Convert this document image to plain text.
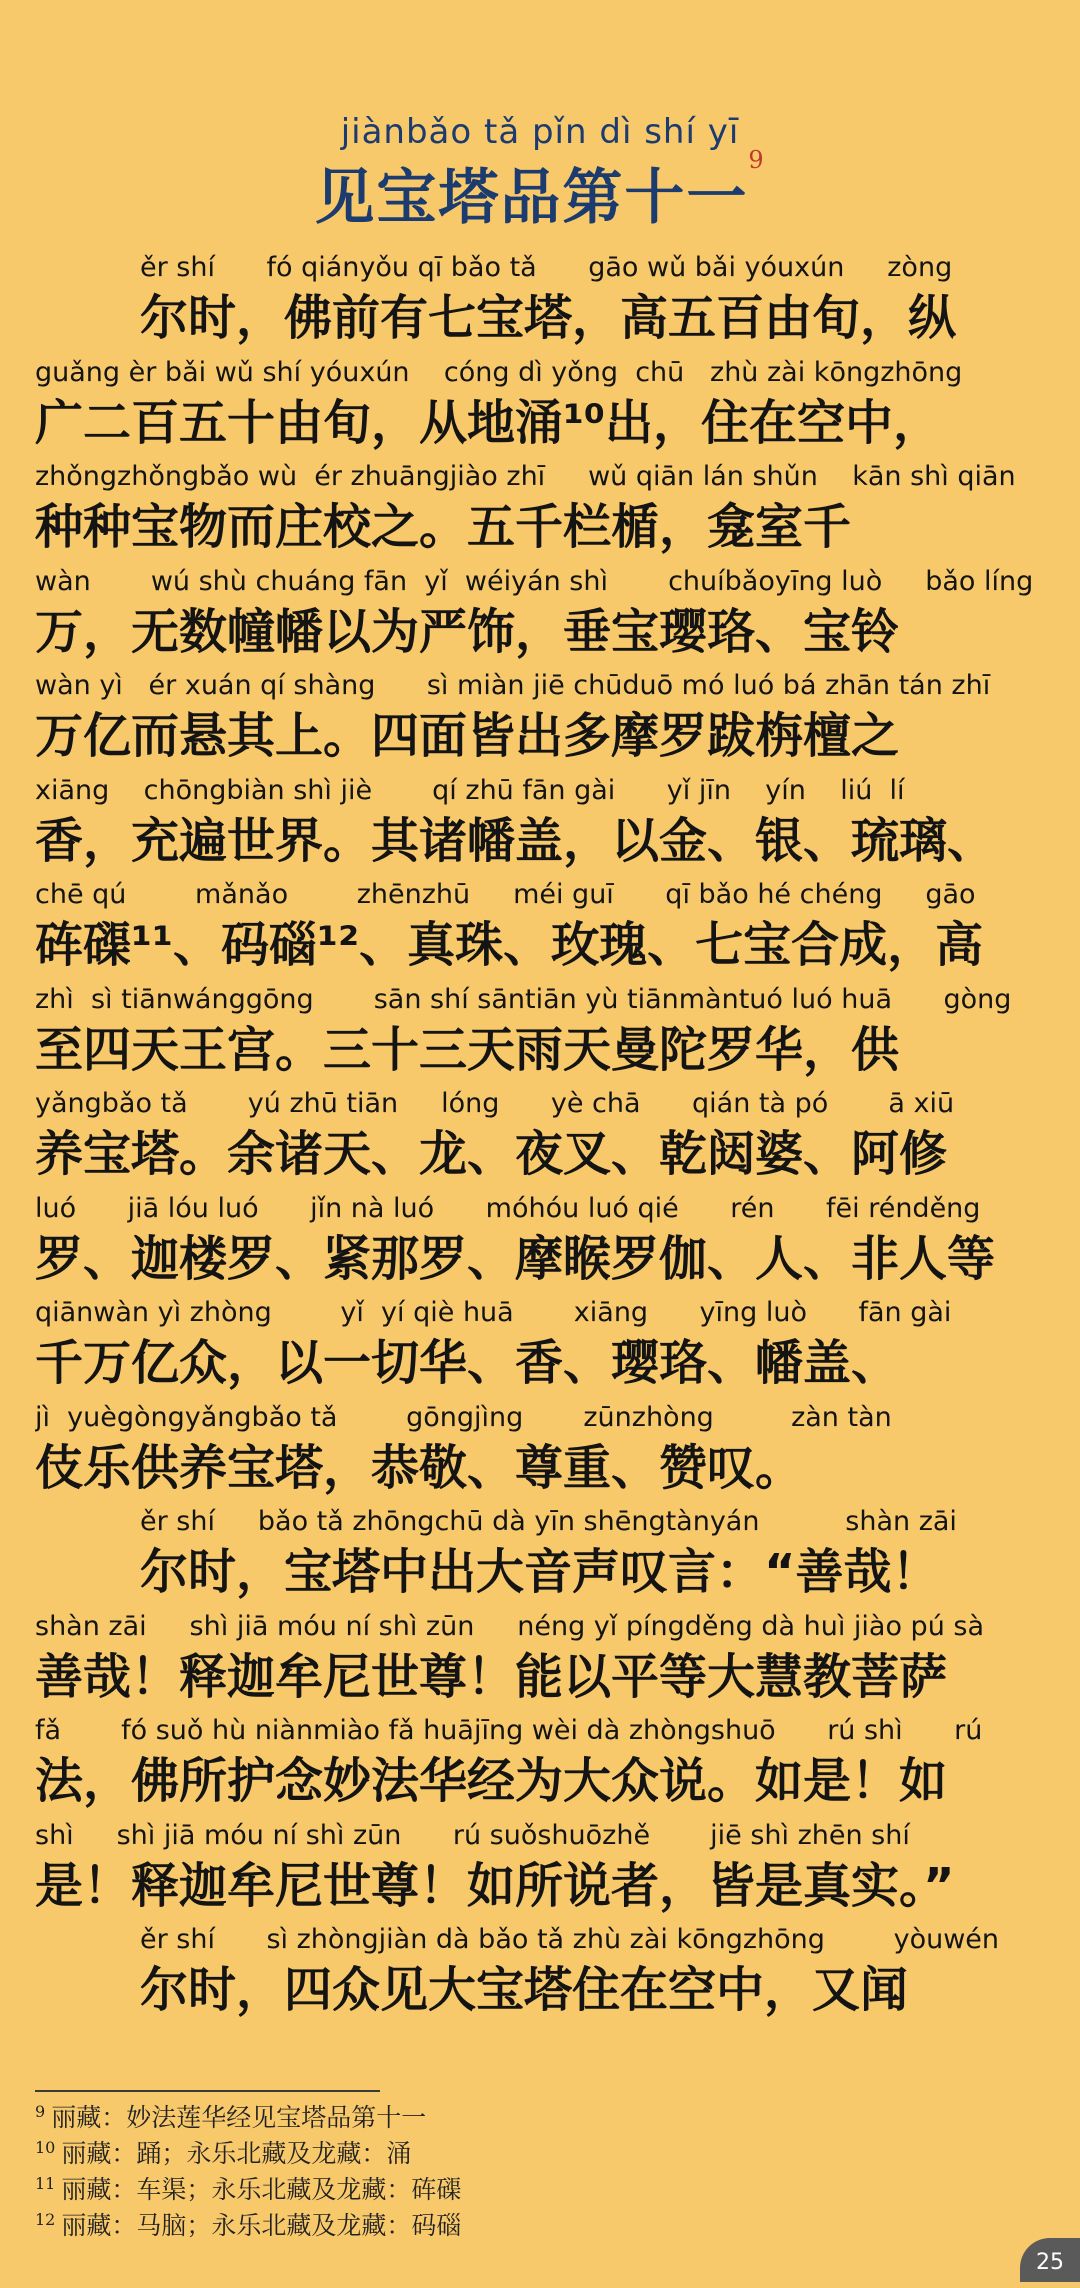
jiànbǎo tǎ pǐn dì shí yī
见宝塔品第十一$^9$
ěr shí      fó qiányǒu qī bǎo tǎ      gāo wǔ bǎi yóuxún     zòng
尔时，佛前有七宝塔，高五百由旬，纵
guǎng èr bǎi wǔ shí yóuxún    cóng dì yǒng  chū   zhù zài kōngzhōng
广二百五十由旬，从地涌¹⁰出，住在空中，
zhǒngzhǒngbǎo wù  ér zhuāngjiào zhī     wǔ qiān lán shǔn    kān shì qiān
种种宝物而庄校之。五千栏楯，龛室千
wàn       wú shù chuáng fān  yǐ  wéiyán shì       chuíbǎoyīng luò     bǎo líng
万，无数幢幡以为严饰，垂宝璎珞、宝铃
wàn yì   ér xuán qí shàng      sì miàn jiē chūduō mó luó bá zhān tán zhī
万亿而悬其上。四面皆出多摩罗跋栴檀之
xiāng    chōngbiàn shì jiè       qí zhū fān gài      yǐ jīn    yín    liú  lí
香，充遍世界。其诸幡盖，以金、银、琉璃、
chē qú        mǎnǎo        zhēnzhū     méi guī      qī bǎo hé chéng     gāo
砗磲¹¹、码碯¹²、真珠、玫瑰、七宝合成，高
zhì  sì tiānwánggōng       sān shí sāntiān yù tiānmàntuó luó huā      gòng
至四天王宫。三十三天雨天曼陀罗华，供
yǎngbǎo tǎ       yú zhū tiān     lóng      yè chā      qián tà pó       ā xiū
养宝塔。余诸天、龙、夜叉、乾闼婆、阿修
luó      jiā lóu luó      jǐn nà luó      móhóu luó qié      rén      fēi rénděng
罗、迦楼罗、紧那罗、摩睺罗伽、人、非人等
qiānwàn yì zhòng        yǐ  yí qiè huā       xiāng      yīng luò      fān gài
千万亿众，以一切华、香、璎珞、幡盖、
jì  yuègòngyǎngbǎo tǎ        gōngjìng       zūnzhòng         zàn tàn
伎乐供养宝塔，恭敬、尊重、赞叹。
ěr shí     bǎo tǎ zhōngchū dà yīn shēngtànyán          shàn zāi
尔时，宝塔中出大音声叹言：“善哉！
shàn zāi     shì jiā móu ní shì zūn     néng yǐ píngděng dà huì jiào pú sà
善哉！释迦牟尼世尊！能以平等大慧教菩萨
fǎ       fó suǒ hù niànmiào fǎ huājīng wèi dà zhòngshuō      rú shì      rú
法，佛所护念妙法华经为大众说。如是！如
shì     shì jiā móu ní shì zūn      rú suǒshuōzhě       jiē shì zhēn shí
是！释迦牟尼世尊！如所说者，皆是真实。”
ěr shí      sì zhòngjiàn dà bǎo tǎ zhù zài kōngzhōng        yòuwén
尔时，四众见大宝塔住在空中，又闻
$^9$ 丽藏：妙法莲华经见宝塔品第十一
$^{10}$ 丽藏：踊；永乐北藏及龙藏：涌
$^{11}$ 丽藏：车渠；永乐北藏及龙藏：砗磲
$^{12}$ 丽藏：马脑；永乐北藏及龙藏：码碯
25
